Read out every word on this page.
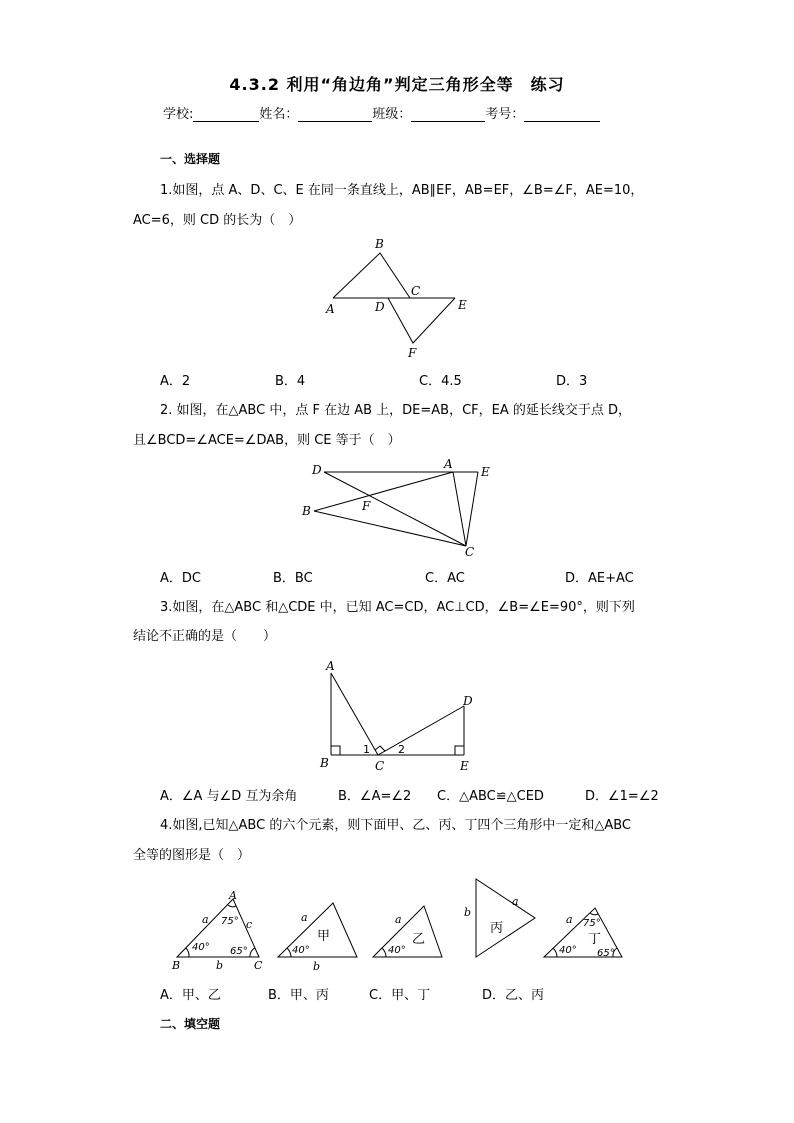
4.3.2 利用“角边角”判定三角形全等　练习
学校:	姓名：	班级：	考号：
一、选择题
1.如图，点 A、D、C、E 在同一条直线上，AB∥EF，AB=EF，∠B=∠F，AE=10，
AC=6，则 CD 的长为（　）
B
A	D
C
E
F
A．2	B．4	C．4.5	D．3
2. 如图，在△ABC 中，点 F 在边 AB 上，DE=AB，CF，EA 的延长线交于点 D，
且∠BCD=∠ACE=∠DAB，则 CE 等于（　）
D	A
E
B	F
C
A．DC	B．BC	C．AC	D．AE+AC
3.如图，在△ABC 和△CDE 中，已知 AC=CD，AC⊥CD，∠B=∠E=90°，则下列
结论不正确的是（　　）
A
B	C	E
D
1	2
A．∠A 与∠D 互为余角	B．∠A=∠2 C．△ABC≌△CED	D．∠1=∠2
4.如图,已知△ABC 的六个元素，则下面甲、乙、丙、丁四个三角形中一定和△ABC
全等的图形是（　）
A
B	C
a
b
c
75°
40° 65°
a
b
40°
甲
a
40°
乙
a
b
丙
a 75°
40° 65°
丁
A．甲、乙	B．甲、丙	C．甲、丁	D．乙、丙
二、填空题
